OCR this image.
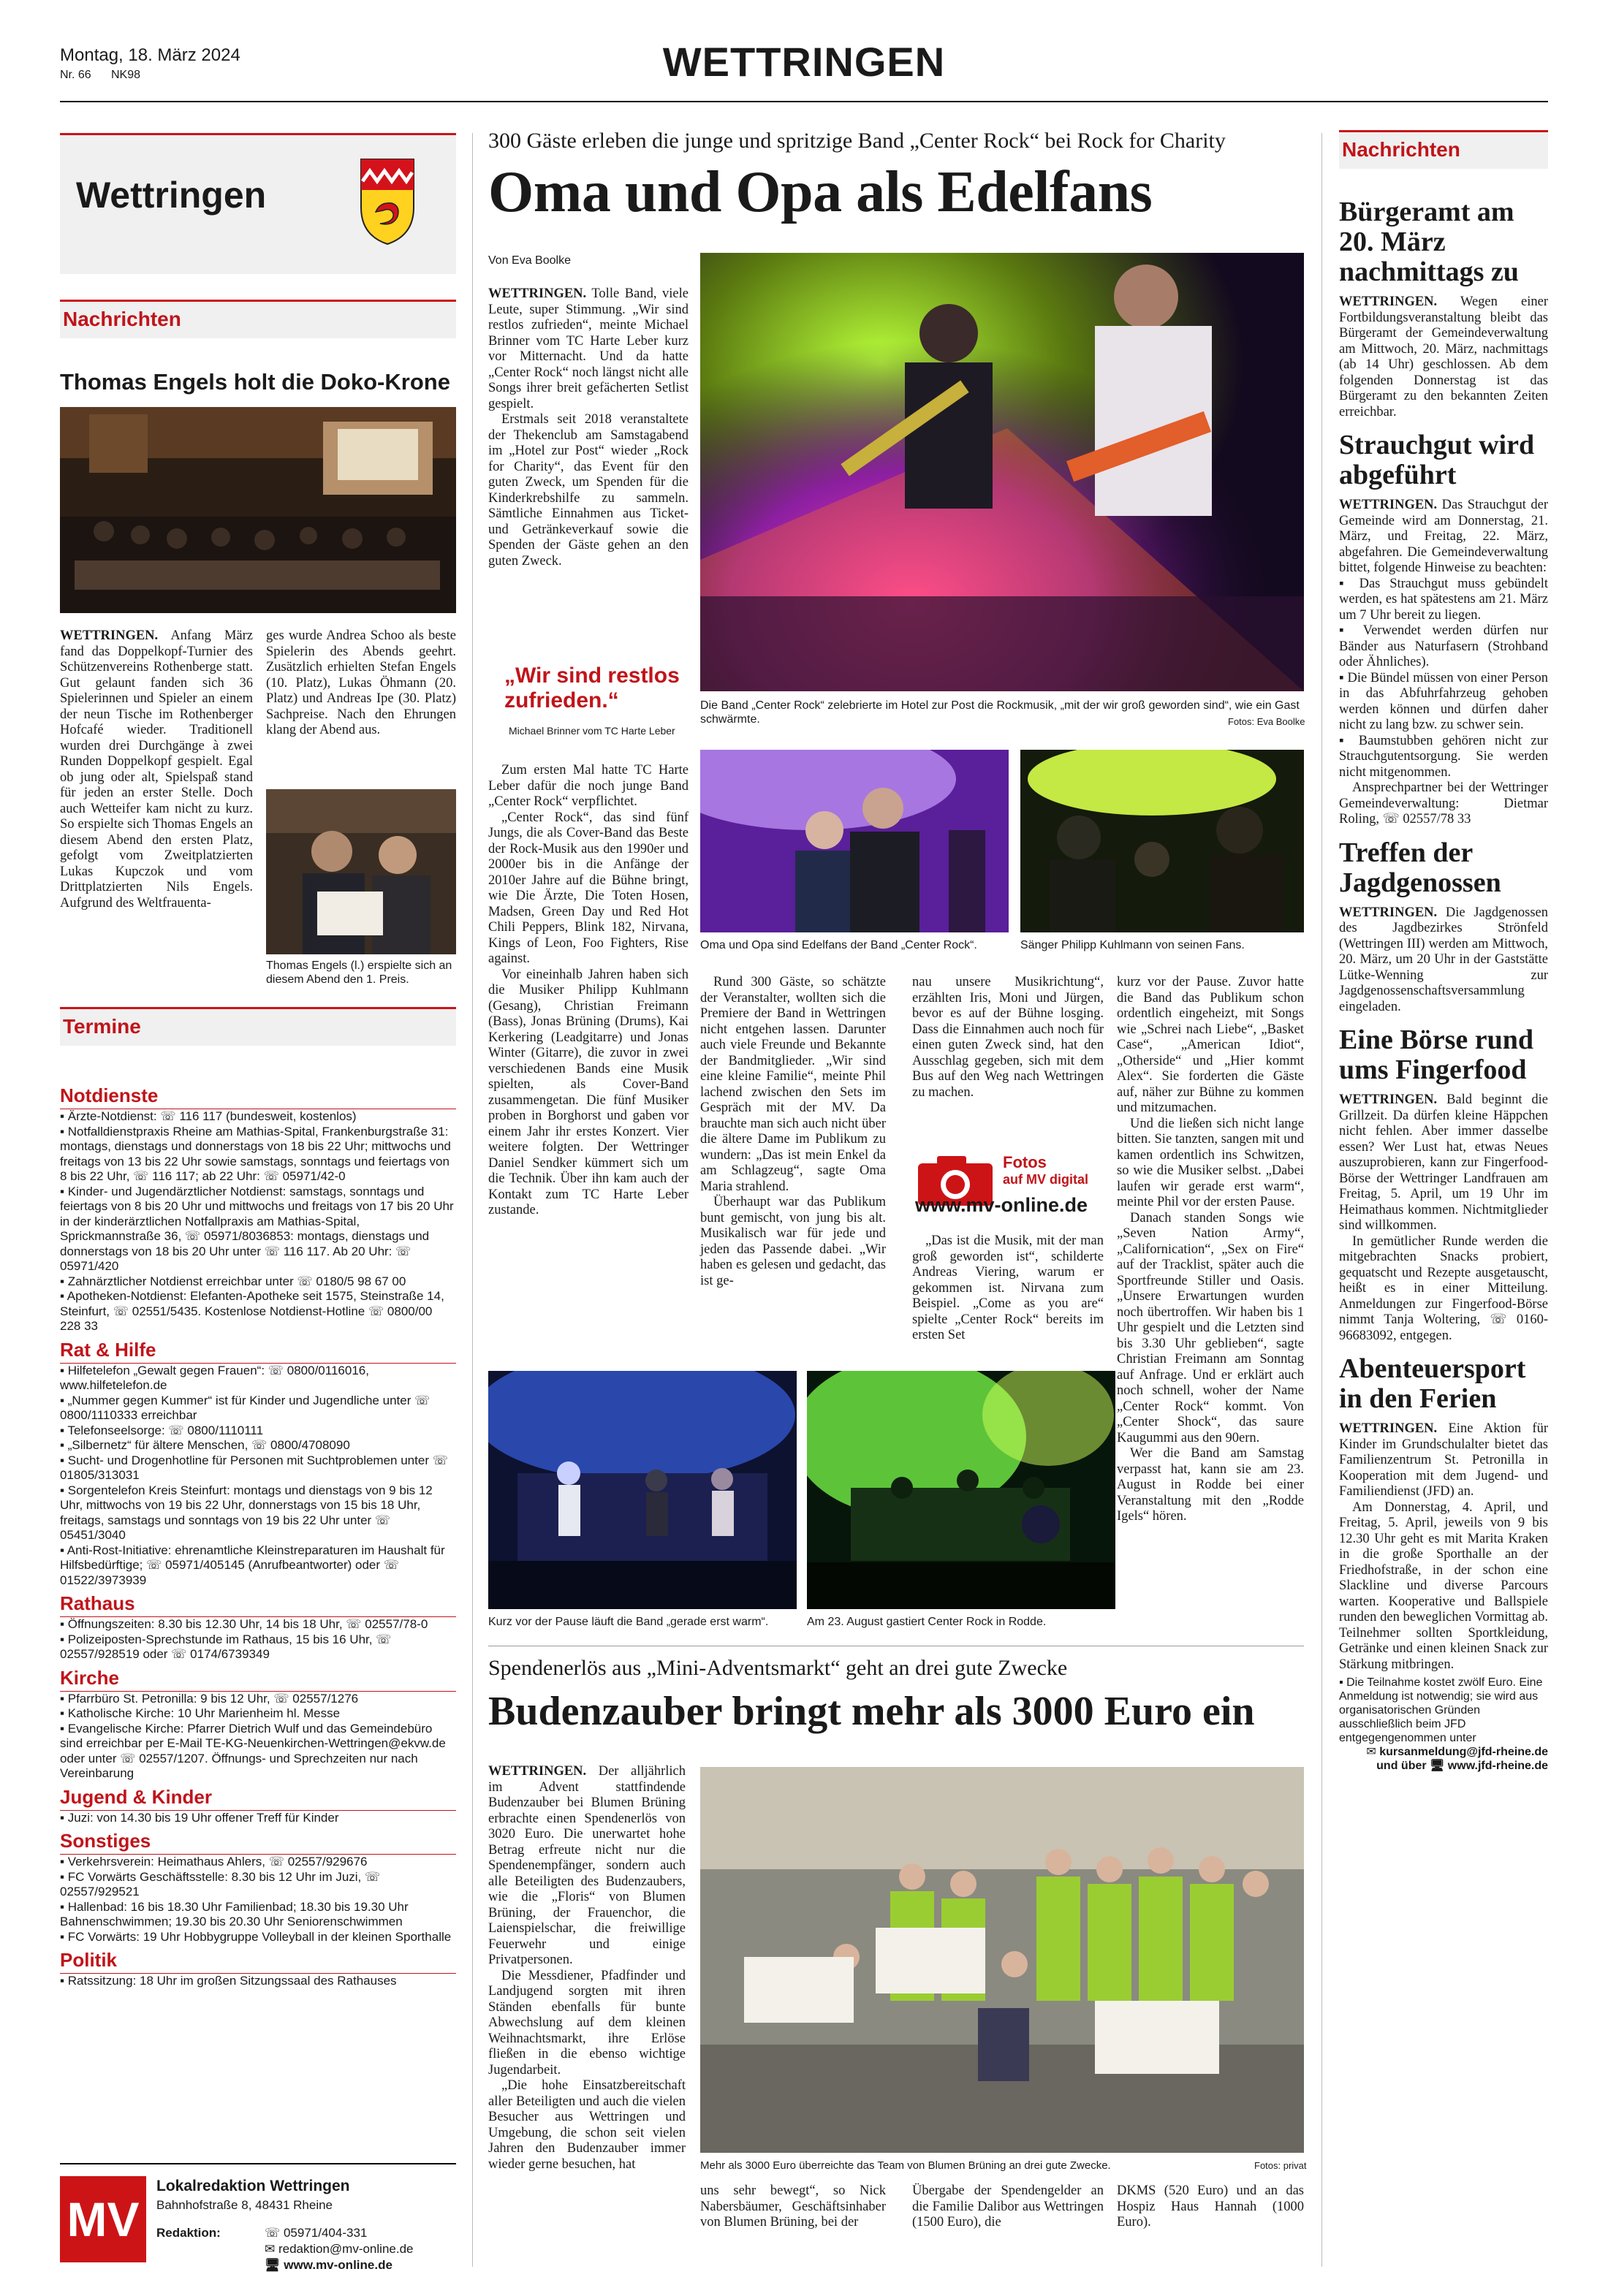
Montag, 18. März 2024
Nr. 66 NK98	WETTRINGEN
Wettringen
Nachrichten
Thomas Engels holt die Doko-Krone
WETTRINGEN. Anfang März fand das Doppelkopf-Turnier des Schützenvereins Rothenberge statt. Gut gelaunt fanden sich 36 Spielerinnen und Spieler an einem der neun Tische im Rothenberger Hofcafé wieder. Traditionell wurden drei Durchgänge à zwei Runden Doppelkopf gespielt. Egal ob jung oder alt, Spielspaß stand für jeden an erster Stelle. Doch auch Wetteifer kam nicht zu kurz. So erspielte sich Thomas Engels an diesem Abend den ersten Platz, gefolgt vom Zweitplatzierten Lukas Kupczok und vom Drittplatzierten Nils Engels. Aufgrund des Weltfrauenta-
ges wurde Andrea Schoo als beste Spielerin des Abends geehrt. Zusätzlich erhielten Stefan Engels (10. Platz), Lukas Öhmann (20. Platz) und Andreas Ipe (30. Platz) Sachpreise. Nach den Ehrungen klang der Abend aus.
Thomas Engels (l.) erspielte sich an diesem Abend den 1. Preis.
Termine
Notdienste

▪ Ärzte-Notdienst: ☏ 116 117 (bundesweit, kostenlos)

▪ Notfalldienstpraxis Rheine am Mathias-Spital, Frankenburgstraße 31: montags, dienstags und donnerstags von 18 bis 22 Uhr; mittwochs und freitags von 13 bis 22 Uhr sowie samstags, sonntags und feiertags von 8 bis 22 Uhr, ☏ 116 117; ab 22 Uhr: ☏ 05971/42-0

▪ Kinder- und Jugendärztlicher Notdienst: samstags, sonntags und feiertags von 8 bis 20 Uhr und mittwochs und freitags von 17 bis 20 Uhr in der kinderärztlichen Notfallpraxis am Mathias-Spital, Sprickmannstraße 36, ☏ 05971/8036853: montags, dienstags und donnerstags von 18 bis 20 Uhr unter ☏ 116 117. Ab 20 Uhr: ☏ 05971/420

▪ Zahnärztlicher Notdienst erreichbar unter ☏ 0180/5 98 67 00

▪ Apotheken-Notdienst: Elefanten-Apotheke seit 1575, Steinstraße 14, Steinfurt, ☏ 02551/5435. Kostenlose Notdienst-Hotline ☏ 0800/00 228 33

Rat & Hilfe

▪ Hilfetelefon „Gewalt gegen Frauen“: ☏ 0800/0116016, www.hilfetelefon.de

▪ „Nummer gegen Kummer“ ist für Kinder und Jugendliche unter ☏ 0800/1110333 erreichbar

▪ Telefonseelsorge: ☏ 0800/1110111

▪ „Silbernetz“ für ältere Menschen, ☏ 0800/4708090

▪ Sucht- und Drogenhotline für Personen mit Suchtproblemen unter ☏ 01805/313031

▪ Sorgentelefon Kreis Steinfurt: montags und dienstags von 9 bis 12 Uhr, mittwochs von 19 bis 22 Uhr, donnerstags von 15 bis 18 Uhr, freitags, samstags und sonntags von 19 bis 22 Uhr unter ☏ 05451/3040

▪ Anti-Rost-Initiative: ehrenamtliche Kleinstreparaturen im Haushalt für Hilfsbedürftige; ☏ 05971/405145 (Anrufbeantworter) oder ☏ 01522/3973939

Rathaus

▪ Öffnungszeiten: 8.30 bis 12.30 Uhr, 14 bis 18 Uhr, ☏ 02557/78-0

▪ Polizeiposten-Sprechstunde im Rathaus, 15 bis 16 Uhr, ☏ 02557/928519 oder ☏ 0174/6739349

Kirche

▪ Pfarrbüro St. Petronilla: 9 bis 12 Uhr, ☏ 02557/1276

▪ Katholische Kirche: 10 Uhr Marienheim hl. Messe

▪ Evangelische Kirche: Pfarrer Dietrich Wulf und das Gemeindebüro sind erreichbar per E-Mail TE-KG-Neuenkirchen-Wettringen@ekvw.de oder unter ☏ 02557/1207. Öffnungs- und Sprechzeiten nur nach Vereinbarung

Jugend & Kinder

▪ Juzi: von 14.30 bis 19 Uhr offener Treff für Kinder

Sonstiges

▪ Verkehrsverein: Heimathaus Ahlers, ☏ 02557/929676

▪ FC Vorwärts Geschäftsstelle: 8.30 bis 12 Uhr im Juzi, ☏ 02557/929521

▪ Hallenbad: 16 bis 18.30 Uhr Familienbad; 18.30 bis 19.30 Uhr Bahnenschwimmen; 19.30 bis 20.30 Uhr Seniorenschwimmen

▪ FC Vorwärts: 19 Uhr Hobbygruppe Volleyball in der kleinen Sporthalle

Politik

▪ Ratssitzung: 18 Uhr im großen Sitzungssaal des Rathauses

MV
Lokalredaktion Wettringen
Bahnhofstraße 8, 48431 Rheine
Redaktion:	☏ 05971/404-331
✉ redaktion@mv-online.de
🖥 www.mv-online.de
300 Gäste erleben die junge und spritzige Band „Center Rock“ bei Rock for Charity
Oma und Opa als Edelfans
Von Eva Boolke

WETTRINGEN. Tolle Band, viele Leute, super Stimmung. „Wir sind restlos zufrieden“, meinte Michael Brinner vom TC Harte Leber kurz vor Mitternacht. Und da hatte „Center Rock“ noch längst nicht alle Songs ihrer breit gefächerten Setlist gespielt.

Erstmals seit 2018 veranstaltete der Thekenclub am Samstagabend im „Hotel zur Post“ wieder „Rock for Charity“, das Event für den guten Zweck, um Spenden für die Kinderkrebshilfe zu sammeln. Sämtliche Einnahmen aus Ticket- und Getränkeverkauf sowie die Spenden der Gäste gehen an den guten Zweck.

„Wir sind restlos zufrieden.“
Michael Brinner vom TC Harte Leber

Zum ersten Mal hatte TC Harte Leber dafür die noch junge Band „Center Rock“ verpflichtet.

„Center Rock“, das sind fünf Jungs, die als Cover-Band das Beste der Rock-Musik aus den 1990er und 2000er bis in die Anfänge der 2010er Jahre auf die Bühne bringt, wie Die Ärzte, Die Toten Hosen, Madsen, Green Day und Red Hot Chili Peppers, Blink 182, Nirvana, Kings of Leon, Foo Fighters, Rise against.

Vor eineinhalb Jahren haben sich die Musiker Philipp Kuhlmann (Gesang), Christian Freimann (Bass), Jonas Brüning (Drums), Kai Kerkering (Leadgitarre) und Jonas Winter (Gitarre), die zuvor in zwei verschiedenen Bands eine Musik spielten, als Cover-Band zusammengetan. Die fünf Musiker proben in Borghorst und gaben vor einem Jahr ihr erstes Konzert. Vier weitere folgten. Der Wettringer Daniel Sendker kümmert sich um die Technik. Über ihn kam auch der Kontakt zum TC Harte Leber zustande.

Die Band „Center Rock“ zelebrierte im Hotel zur Post die Rockmusik, „mit der wir groß geworden sind“, wie ein Gast schwärmte.	Fotos: Eva Boolke
Oma und Opa sind Edelfans der Band „Center Rock“.	Sänger Philipp Kuhlmann von seinen Fans.

Rund 300 Gäste, so schätzte der Veranstalter, wollten sich die Premiere der Band in Wettringen nicht entgehen lassen. Darunter auch viele Freunde und Bekannte der Bandmitglieder. „Wir sind eine kleine Familie“, meinte Phil lachend zwischen den Sets im Gespräch mit der MV. Da brauchte man sich auch nicht über die ältere Dame im Publikum zu wundern: „Das ist mein Enkel da am Schlagzeug“, sagte Oma Maria strahlend.

Überhaupt war das Publikum bunt gemischt, von jung bis alt. Musikalisch war für jede und jeden das Passende dabei. „Wir haben es gelesen und gedacht, das ist ge-

nau unsere Musikrichtung“, erzählten Iris, Moni und Jürgen, bevor es auf der Bühne losging. Dass die Einnahmen auch noch für einen guten Zweck sind, hat den Ausschlag gegeben, sich mit dem Bus auf den Weg nach Wettringen zu machen.
Fotos
auf MV digital
www.mv-online.de
„Das ist die Musik, mit der man groß geworden ist“, schilderte Andreas Viering, warum er gekommen ist. Nirvana zum Beispiel. „Come as you are“ spielte „Center Rock“ bereits im ersten Set

kurz vor der Pause. Zuvor hatte die Band das Publikum schon ordentlich eingeheizt, mit Songs wie „Schrei nach Liebe“, „Basket Case“, „American Idiot“, „Otherside“ und „Hier kommt Alex“. Sie forderten die Gäste auf, näher zur Bühne zu kommen und mitzumachen.

Und die ließen sich nicht lange bitten. Sie tanzten, sangen mit und kamen ordentlich ins Schwitzen, so wie die Musiker selbst. „Dabei laufen wir gerade erst warm“, meinte Phil vor der ersten Pause.

Danach standen Songs wie „Seven Nation Army“, „Californication“, „Sex on Fire“ auf der Tracklist, später auch die Sportfreunde Stiller und Oasis. „Unsere Erwartungen wurden noch übertroffen. Wir haben bis 1 Uhr gespielt und die Letzten sind bis 3.30 Uhr geblieben“, sagte Christian Freimann am Sonntag auf Anfrage. Und er erklärt auch noch schnell, woher der Name „Center Rock“ kommt. Von „Center Shock“, das saure Kaugummi aus den 90ern.

Wer die Band am Samstag verpasst hat, kann sie am 23. August in Rodde bei einer Veranstaltung mit den „Rodde Igels“ hören.

Kurz vor der Pause läuft die Band „gerade erst warm“.	Am 23. August gastiert Center Rock in Rodde.
Spendenerlös aus „Mini-Adventsmarkt“ geht an drei gute Zwecke
Budenzauber bringt mehr als 3000 Euro ein

WETTRINGEN. Der alljährlich im Advent stattfindende Budenzauber bei Blumen Brüning erbrachte einen Spendenerlös von 3020 Euro. Die unerwartet hohe Betrag erfreute nicht nur die Spendenempfänger, sondern auch alle Beteiligten des Budenzaubers, wie die „Floris“ von Blumen Brüning, der Frauenchor, die Laienspielschar, die freiwillige Feuerwehr und einige Privatpersonen.

Die Messdiener, Pfadfinder und Landjugend sorgten mit ihren Ständen ebenfalls für bunte Abwechslung auf dem kleinen Weihnachtsmarkt, ihre Erlöse fließen in die ebenso wichtige Jugendarbeit.

„Die hohe Einsatzbereitschaft aller Beteiligten und auch die vielen Besucher aus Wettringen und Umgebung, die schon seit vielen Jahren den Budenzauber immer wieder gerne besuchen, hat	Mehr als 3000 Euro überreichte das Team von Blumen Brüning an drei gute Zwecke.	Fotos: privat
uns sehr bewegt“, so Nick Nabersbäumer, Geschäftsinhaber von Blumen Brüning, bei der
Übergabe der Spendengelder an die Familie Dalibor aus Wettringen (1500 Euro), die
DKMS (520 Euro) und an das Hospiz Haus Hannah (1000 Euro).
Nachrichten
Bürgeramt am 20. März nachmittags zu

WETTRINGEN. Wegen einer Fortbildungsveranstaltung bleibt das Bürgeramt der Gemeindeverwaltung am Mittwoch, 20. März, nachmittags (ab 14 Uhr) geschlossen. Ab dem folgenden Donnerstag ist das Bürgeramt zu den bekannten Zeiten erreichbar.

Strauchgut wird abgeführt

WETTRINGEN. Das Strauchgut der Gemeinde wird am Donnerstag, 21. März, und Freitag, 22. März, abgefahren. Die Gemeindeverwaltung bittet, folgende Hinweise zu beachten:

▪ Das Strauchgut muss gebündelt werden, es hat spätestens am 21. März um 7 Uhr bereit zu liegen.

▪ Verwendet werden dürfen nur Bänder aus Naturfasern (Strohband oder Ähnliches).

▪ Die Bündel müssen von einer Person in das Abfuhrfahrzeug gehoben werden können und dürfen daher nicht zu lang bzw. zu schwer sein.

▪ Baumstubben gehören nicht zur Strauchgutentsorgung. Sie werden nicht mitgenommen.

Ansprechpartner bei der Wettringer Gemeindeverwaltung: Dietmar Roling, ☏ 02557/78 33

Treffen der Jagdgenossen

WETTRINGEN. Die Jagdgenossen des Jagdbezirkes Strönfeld (Wettringen III) werden am Mittwoch, 20. März, um 20 Uhr in der Gaststätte Lütke-Wenning zur Jagdgenossenschaftsversammlung eingeladen.

Eine Börse rund ums Fingerfood

WETTRINGEN. Bald beginnt die Grillzeit. Da dürfen kleine Häppchen nicht fehlen. Aber immer dasselbe essen? Wer Lust hat, etwas Neues auszuprobieren, kann zur Fingerfood-Börse der Wettringer Landfrauen am Freitag, 5. April, um 19 Uhr im Heimathaus kommen. Nichtmitglieder sind willkommen.

In gemütlicher Runde werden die mitgebrachten Snacks probiert, gequatscht und Rezepte ausgetauscht, heißt es in einer Mitteilung. Anmeldungen zur Fingerfood-Börse nimmt Tanja Woltering, ☏ 0160-96683092, entgegen.

Abenteuersport in den Ferien

WETTRINGEN. Eine Aktion für Kinder im Grundschulalter bietet das Familienzentrum St. Petronilla in Kooperation mit dem Jugend- und Familiendienst (JFD) an.

Am Donnerstag, 4. April, und Freitag, 5. April, jeweils von 9 bis 12.30 Uhr geht es mit Marita Kraken in die große Sporthalle an der Friedhofstraße, in der schon eine Slackline und diverse Parcours warten. Kooperative und Ballspiele runden den beweglichen Vormittag ab. Teilnehmer sollten Sportkleidung, Getränke und einen kleinen Snack zur Stärkung mitbringen.

▪ Die Teilnahme kostet zwölf Euro. Eine Anmeldung ist notwendig; sie wird aus organisatorischen Gründen ausschließlich beim JFD entgegengenommen unter

✉ kursanmeldung@jfd-rheine.de

und über 🖥 www.jfd-rheine.de
